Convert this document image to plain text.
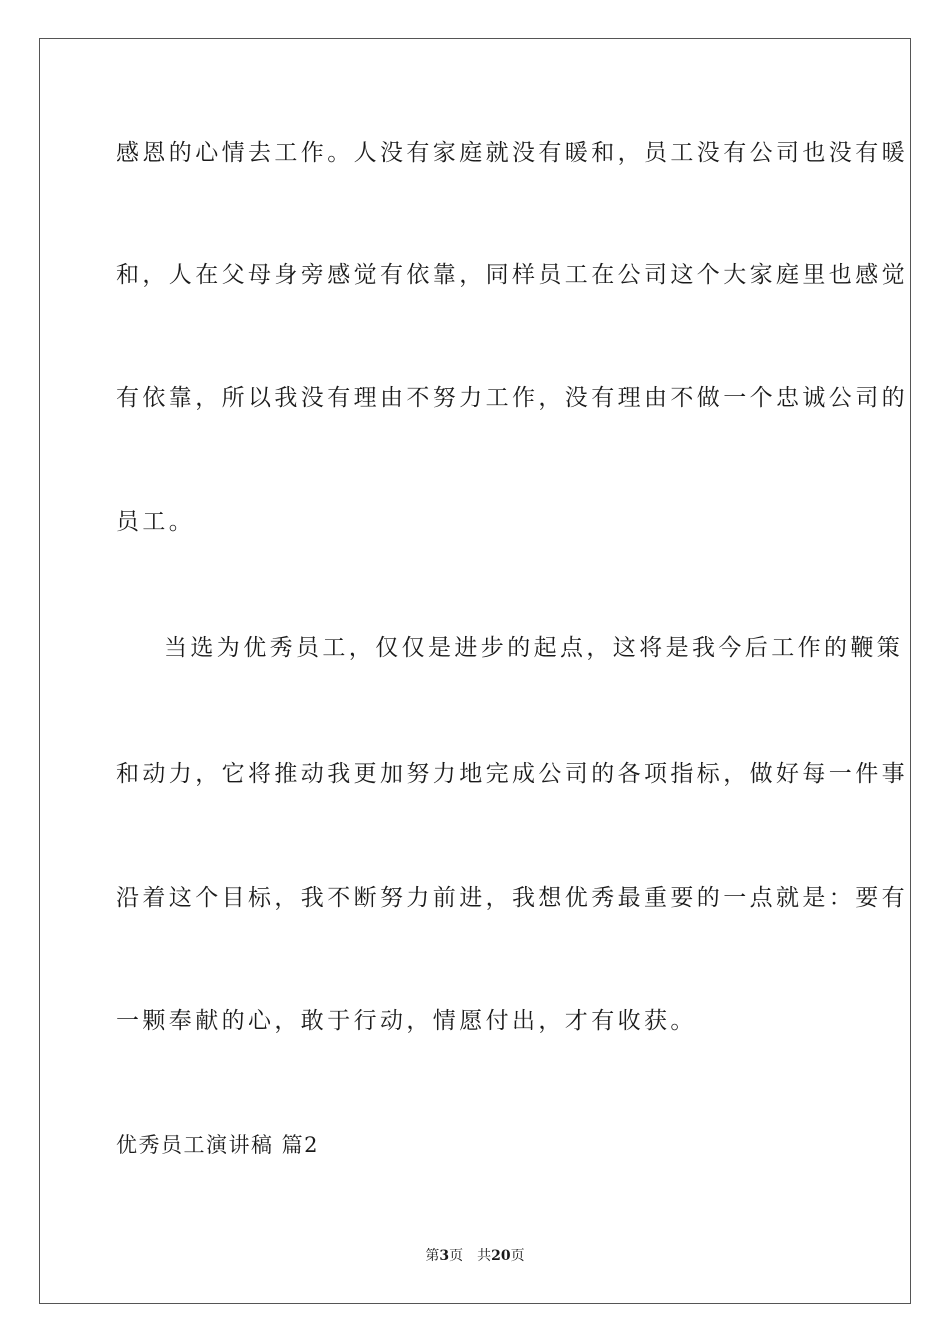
感恩的心情去工作。人没有家庭就没有暖和，员工没有公司也没有暖
和，人在父母身旁感觉有依靠，同样员工在公司这个大家庭里也感觉
有依靠，所以我没有理由不努力工作，没有理由不做一个忠诚公司的
员工。
当选为优秀员工，仅仅是进步的起点，这将是我今后工作的鞭策
和动力，它将推动我更加努力地完成公司的各项指标，做好每一件事
沿着这个目标，我不断努力前进，我想优秀最重要的一点就是：要有
一颗奉献的心，敢于行动，情愿付出，才有收获。
优秀员工演讲稿 篇2
第3页 共20页
